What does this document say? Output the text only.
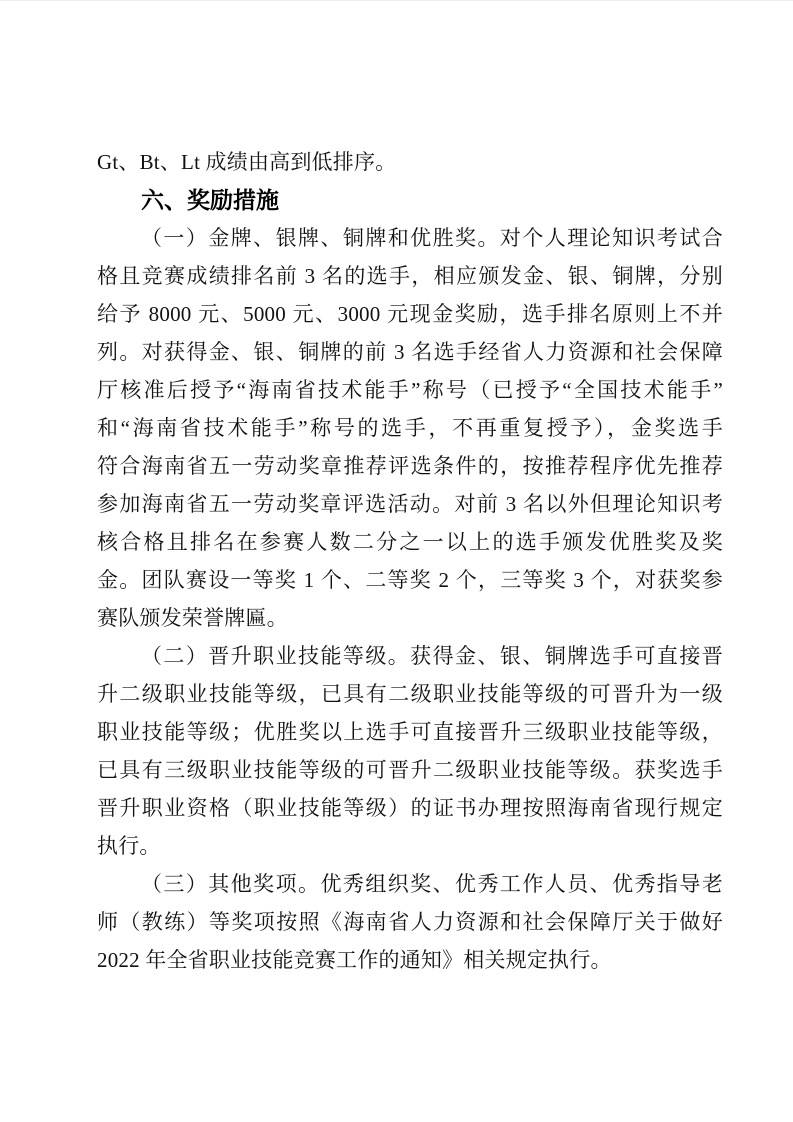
Gt、Bt、Lt 成绩由高到低排序。
六、奖励措施
（一）金牌、银牌、铜牌和优胜奖。对个人理论知识考试合
格且竞赛成绩排名前 3 名的选手，相应颁发金、银、铜牌，分别
给予 8000 元、5000 元、3000 元现金奖励，选手排名原则上不并
列。对获得金、银、铜牌的前 3 名选手经省人力资源和社会保障
厅核准后授予“海南省技术能手”称号（已授予“全国技术能手”
和“海南省技术能手”称号的选手，不再重复授予），金奖选手
符合海南省五一劳动奖章推荐评选条件的，按推荐程序优先推荐
参加海南省五一劳动奖章评选活动。对前 3 名以外但理论知识考
核合格且排名在参赛人数二分之一以上的选手颁发优胜奖及奖
金。团队赛设一等奖 1 个、二等奖 2 个，三等奖 3 个，对获奖参
赛队颁发荣誉牌匾。
（二）晋升职业技能等级。获得金、银、铜牌选手可直接晋
升二级职业技能等级，已具有二级职业技能等级的可晋升为一级
职业技能等级；优胜奖以上选手可直接晋升三级职业技能等级，
已具有三级职业技能等级的可晋升二级职业技能等级。获奖选手
晋升职业资格（职业技能等级）的证书办理按照海南省现行规定
执行。
（三）其他奖项。优秀组织奖、优秀工作人员、优秀指导老
师（教练）等奖项按照《海南省人力资源和社会保障厅关于做好
2022 年全省职业技能竞赛工作的通知》相关规定执行。
